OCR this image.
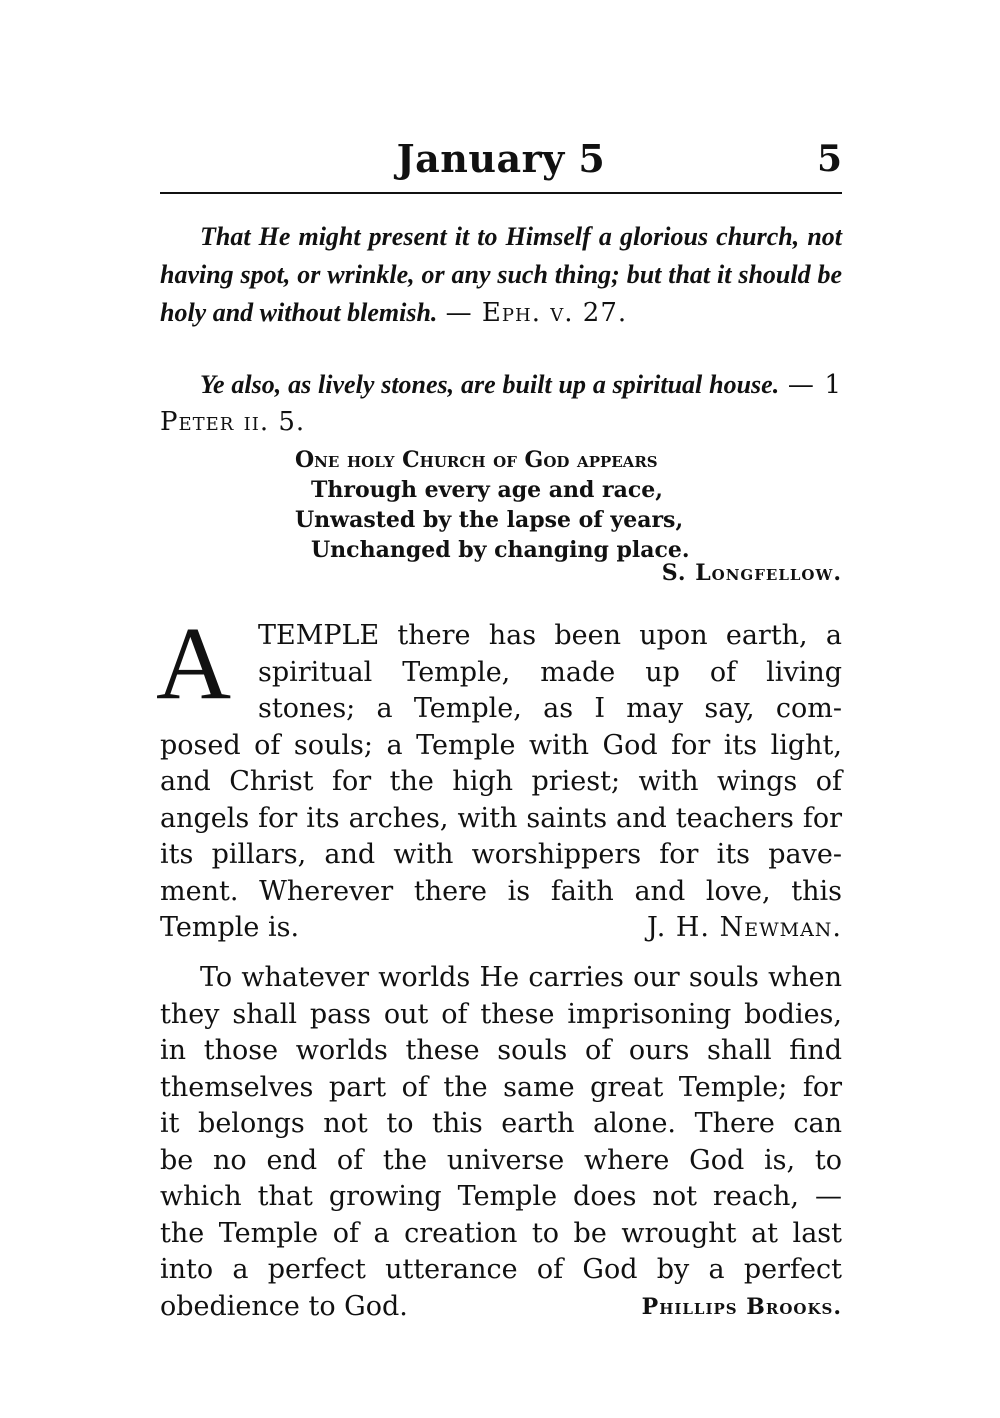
January 5	5

That He might present it to Himself a glorious church, not having spot, or wrinkle, or any such thing; but that it should be holy and without blemish. — Eph. v. 27.

Ye also, as lively stones, are built up a spiritual house. — 1 Peter ii. 5.

One holy Church of God appears
Through every age and race,
Unwasted by the lapse of years,
Unchanged by changing place.
S. Longfellow.
A TEMPLE there has been upon earth, a
spiritual Temple, made up of living
stones; a Temple, as I may say, com-
posed of souls; a Temple with God for its light,
and Christ for the high priest; with wings of
angels for its arches, with saints and teachers for
its pillars, and with worshippers for its pave-
ment. Wherever there is faith and love, this
Temple is.	J. H. Newman.
To whatever worlds He carries our souls when
they shall pass out of these imprisoning bodies,
in those worlds these souls of ours shall find
themselves part of the same great Temple; for
it belongs not to this earth alone. There can
be no end of the universe where God is, to
which that growing Temple does not reach, —
the Temple of a creation to be wrought at last
into a perfect utterance of God by a perfect
obedience to God.	Phillips Brooks.
